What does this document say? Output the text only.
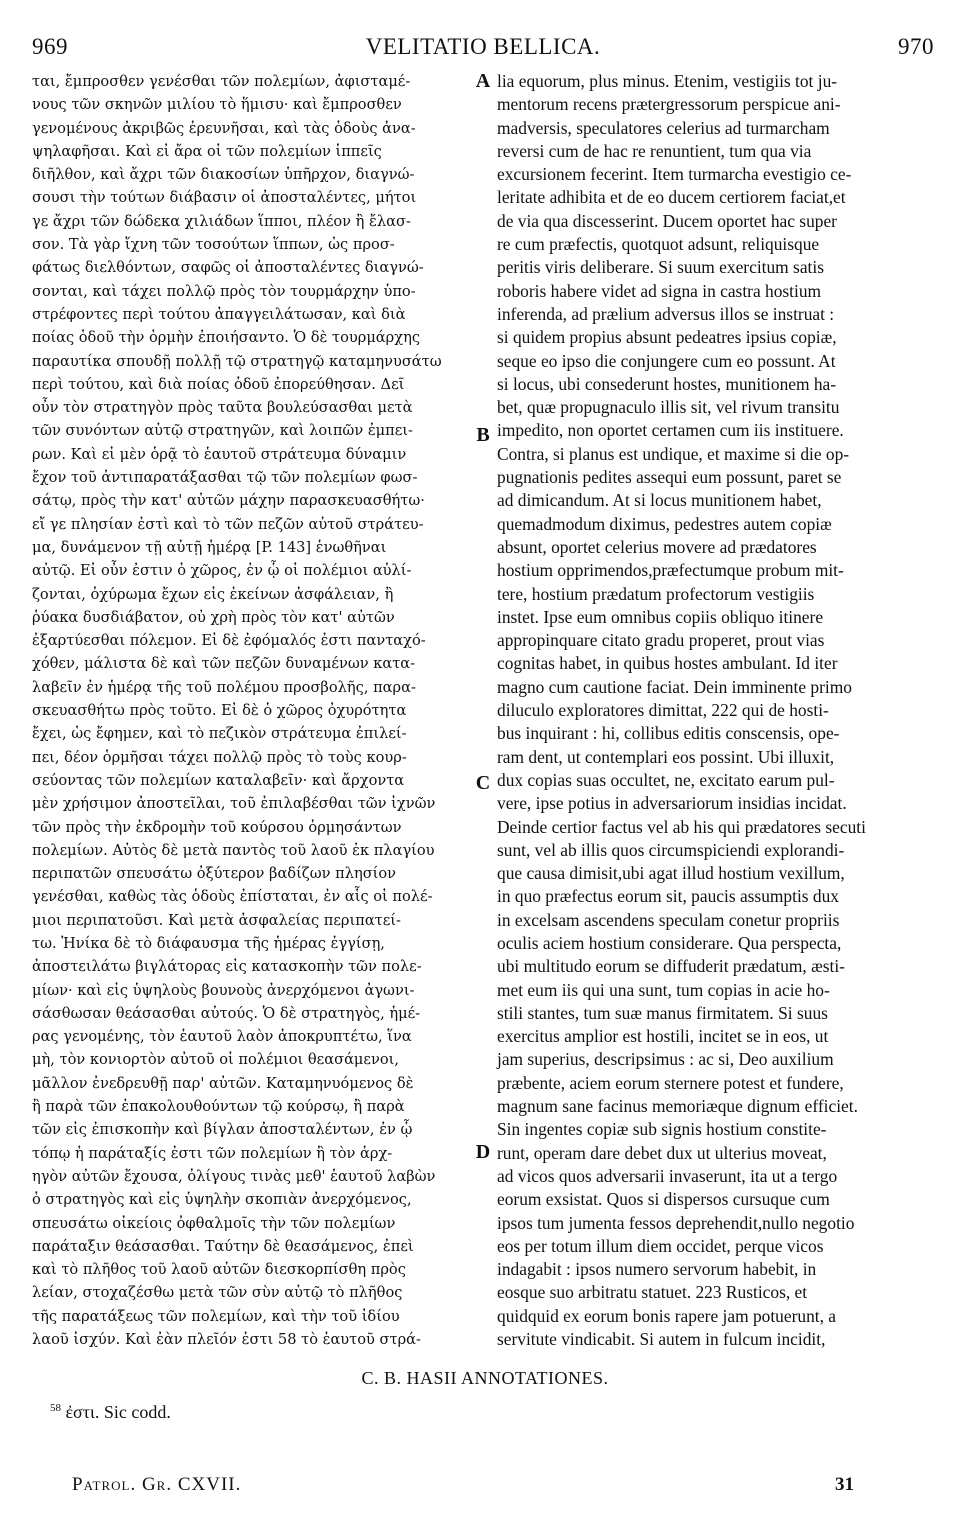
969	VELITATIO BELLICA.	970
ται, ἔμπροσθεν γενέσθαι τῶν πολεμίων, ἀφισταμέ-
νους τῶν σκηνῶν μιλίου τὸ ἥμισυ· καὶ ἔμπροσθεν
γενομένους ἀκριβῶς ἐρευνῆσαι, καὶ τὰς ὁδοὺς ἀνα-
ψηλαφῆσαι. Καὶ εἰ ἄρα οἱ τῶν πολεμίων ἱππεῖς
διῆλθον, καὶ ἄχρι τῶν διακοσίων ὑπῆρχον, διαγνώ-
σουσι τὴν τούτων διάβασιν οἱ ἀποσταλέντες, μήτοι
γε ἄχρι τῶν δώδεκα χιλιάδων ἵπποι, πλέον ἢ ἔλασ-
σον. Τὰ γὰρ ἴχνη τῶν τοσούτων ἵππων, ὡς προσ-
φάτως διελθόντων, σαφῶς οἱ ἀποσταλέντες διαγνώ-
σονται, καὶ τάχει πολλῷ πρὸς τὸν τουρμάρχην ὑπο-
στρέφοντες περὶ τούτου ἀπαγγειλάτωσαν, καὶ διὰ
ποίας ὁδοῦ τὴν ὁρμὴν ἐποιήσαντο. Ὁ δὲ τουρμάρχης
παραυτίκα σπουδῇ πολλῇ τῷ στρατηγῷ καταμηνυσάτω
περὶ τούτου, καὶ διὰ ποίας ὁδοῦ ἐπορεύθησαν. Δεῖ
οὖν τὸν στρατηγὸν πρὸς ταῦτα βουλεύσασθαι μετὰ
τῶν συνόντων αὐτῷ στρατηγῶν, καὶ λοιπῶν ἐμπει-
ρων. Καὶ εἰ μὲν ὁρᾷ τὸ ἑαυτοῦ στράτευμα δύναμιν
ἔχον τοῦ ἀντιπαρατάξασθαι τῷ τῶν πολεμίων φωσ-
σάτῳ, πρὸς τὴν κατ' αὐτῶν μάχην παρασκευασθήτω·
εἴ γε πλησίαν ἐστὶ καὶ τὸ τῶν πεζῶν αὐτοῦ στράτευ-
μα, δυνάμενον τῇ αὐτῇ ἡμέρᾳ [P. 143] ἑνωθῆναι
αὐτῷ. Εἰ οὖν ἐστιν ὁ χῶρος, ἐν ᾧ οἱ πολέμιοι αὐλί-
ζονται, ὀχύρωμα ἔχων εἰς ἐκείνων ἀσφάλειαν, ἢ
ῥύακα δυσδιάβατον, οὐ χρὴ πρὸς τὸν κατ' αὐτῶν
ἐξαρτύεσθαι πόλεμον. Εἰ δὲ ἐφόμαλός ἐστι πανταχό-
χόθεν, μάλιστα δὲ καὶ τῶν πεζῶν δυναμένων κατα-
λαβεῖν ἐν ἡμέρᾳ τῆς τοῦ πολέμου προσβολῆς, παρα-
σκευασθήτω πρὸς τοῦτο. Εἰ δὲ ὁ χῶρος ὀχυρότητα
ἔχει, ὡς ἔφημεν, καὶ τὸ πεζικὸν στράτευμα ἐπιλεί-
πει, δέον ὁρμῆσαι τάχει πολλῷ πρὸς τὸ τοὺς κουρ-
σεύοντας τῶν πολεμίων καταλαβεῖν· καὶ ἄρχοντα
μὲν χρήσιμον ἀποστεῖλαι, τοῦ ἐπιλαβέσθαι τῶν ἰχνῶν
τῶν πρὸς τὴν ἐκδρομὴν τοῦ κούρσου ὁρμησάντων
πολεμίων. Αὐτὸς δὲ μετὰ παντὸς τοῦ λαοῦ ἐκ πλαγίου
περιπατῶν σπευσάτω ὀξύτερον βαδίζων πλησίον
γενέσθαι, καθὼς τὰς ὁδοὺς ἐπίσταται, ἐν αἷς οἱ πολέ-
μιοι περιπατοῦσι. Καὶ μετὰ ἀσφαλείας περιπατεί-
τω. Ἡνίκα δὲ τὸ διάφαυσμα τῆς ἡμέρας ἐγγίσῃ,
ἀποστειλάτω βιγλάτορας εἰς κατασκοπὴν τῶν πολε-
μίων· καὶ εἰς ὑψηλοὺς βουνοὺς ἀνερχόμενοι ἀγωνι-
σάσθωσαν θεάσασθαι αὐτούς. Ὁ δὲ στρατηγὸς, ἡμέ-
ρας γενομένης, τὸν ἑαυτοῦ λαὸν ἀποκρυπτέτω, ἵνα
μὴ, τὸν κονιορτὸν αὐτοῦ οἱ πολέμιοι θεασάμενοι,
μᾶλλον ἐνεδρευθῇ παρ' αὐτῶν. Καταμηνυόμενος δὲ
ἢ παρὰ τῶν ἐπακολουθούντων τῷ κούρσῳ, ἢ παρὰ
τῶν εἰς ἐπισκοπὴν καὶ βίγλαν ἀποσταλέντων, ἐν ᾧ
τόπῳ ἡ παράταξίς ἐστι τῶν πολεμίων ἢ τὸν ἀρχ-
ηγὸν αὐτῶν ἔχουσα, ὀλίγους τινὰς μεθ' ἑαυτοῦ λαβὼν
ὁ στρατηγὸς καὶ εἰς ὑψηλὴν σκοπιὰν ἀνερχόμενος,
σπευσάτω οἰκείοις ὀφθαλμοῖς τὴν τῶν πολεμίων
παράταξιν θεάσασθαι. Ταύτην δὲ θεασάμενος, ἐπεὶ
καὶ τὸ πλῆθος τοῦ λαοῦ αὐτῶν διεσκορπίσθη πρὸς
λείαν, στοχαζέσθω μετὰ τῶν σὺν αὐτῷ τὸ πλῆθος
τῆς παρατάξεως τῶν πολεμίων, καὶ τὴν τοῦ ἰδίου
λαοῦ ἰσχύν. Καὶ ἐὰν πλεῖόν ἐστι 58 τὸ ἑαυτοῦ στρά-
lia equorum, plus minus. Etenim, vestigiis tot ju-
mentorum recens prætergressorum perspicue ani-
madversis, speculatores celerius ad turmarcham
reversi cum de hac re renuntient, tum qua via
excursionem fecerint. Item turmarcha evestigio ce-
leritate adhibita et de eo ducem certiorem faciat,et
de via qua discesserint. Ducem oportet hac super
re cum præfectis, quotquot adsunt, reliquisque
peritis viris deliberare. Si suum exercitum satis
roboris habere videt ad signa in castra hostium
inferenda, ad prælium adversus illos se instruat :
si quidem propius absunt pedeatres ipsius copiæ,
seque eo ipso die conjungere cum eo possunt. At
si locus, ubi consederunt hostes, munitionem ha-
bet, quæ propugnaculo illis sit, vel rivum transitu
impedito, non oportet certamen cum iis instituere.
Contra, si planus est undique, et maxime si die op-
pugnationis pedites assequi eum possunt, paret se
ad dimicandum. At si locus munitionem habet,
quemadmodum diximus, pedestres autem copiæ
absunt, oportet celerius movere ad prædatores
hostium opprimendos,præfectumque probum mit-
tere, hostium prædatum profectorum vestigiis
instet. Ipse eum omnibus copiis obliquo itinere
appropinquare citato gradu properet, prout vias
cognitas habet, in quibus hostes ambulant. Id iter
magno cum cautione faciat. Dein imminente primo
diluculo exploratores dimittat, 222 qui de hosti-
bus inquirant : hi, collibus editis conscensis, ope-
ram dent, ut contemplari eos possint. Ubi illuxit,
dux copias suas occultet, ne, excitato earum pul-
vere, ipse potius in adversariorum insidias incidat.
Deinde certior factus vel ab his qui prædatores secuti
sunt, vel ab illis quos circumspiciendi explorandi-
que causa dimisit,ubi agat illud hostium vexillum,
in quo præfectus eorum sit, paucis assumptis dux
in excelsam ascendens speculam conetur propriis
oculis aciem hostium considerare. Qua perspecta,
ubi multitudo eorum se diffuderit prædatum, æsti-
met eum iis qui una sunt, tum copias in acie ho-
stili stantes, tum suæ manus firmitatem. Si suus
exercitus amplior est hostili, incitet se in eos, ut
jam superius, descripsimus : ac si, Deo auxilium
præbente, aciem eorum sternere potest et fundere,
magnum sane facinus memoriæque dignum efficiet.
Sin ingentes copiæ sub signis hostium constite-
runt, operam dare debet dux ut ulterius moveat,
ad vicos quos adversarii invaserunt, ita ut a tergo
eorum exsistat. Quos si dispersos cursuque cum
ipsos tum jumenta fessos deprehendit,nullo negotio
eos per totum illum diem occidet, perque vicos
indagabit : ipsos numero servorum habebit, in
eosque suo arbitratu statuet. 223 Rusticos, et
quidquid ex eorum bonis rapere jam potuerunt, a
servitute vindicabit. Si autem in fulcum incidit,
A
B
C
D
C. B. HASII ANNOTATIONES.
$^{58}$ ἐστι. Sic codd.
Patrol. Gr. CXVII.	31
